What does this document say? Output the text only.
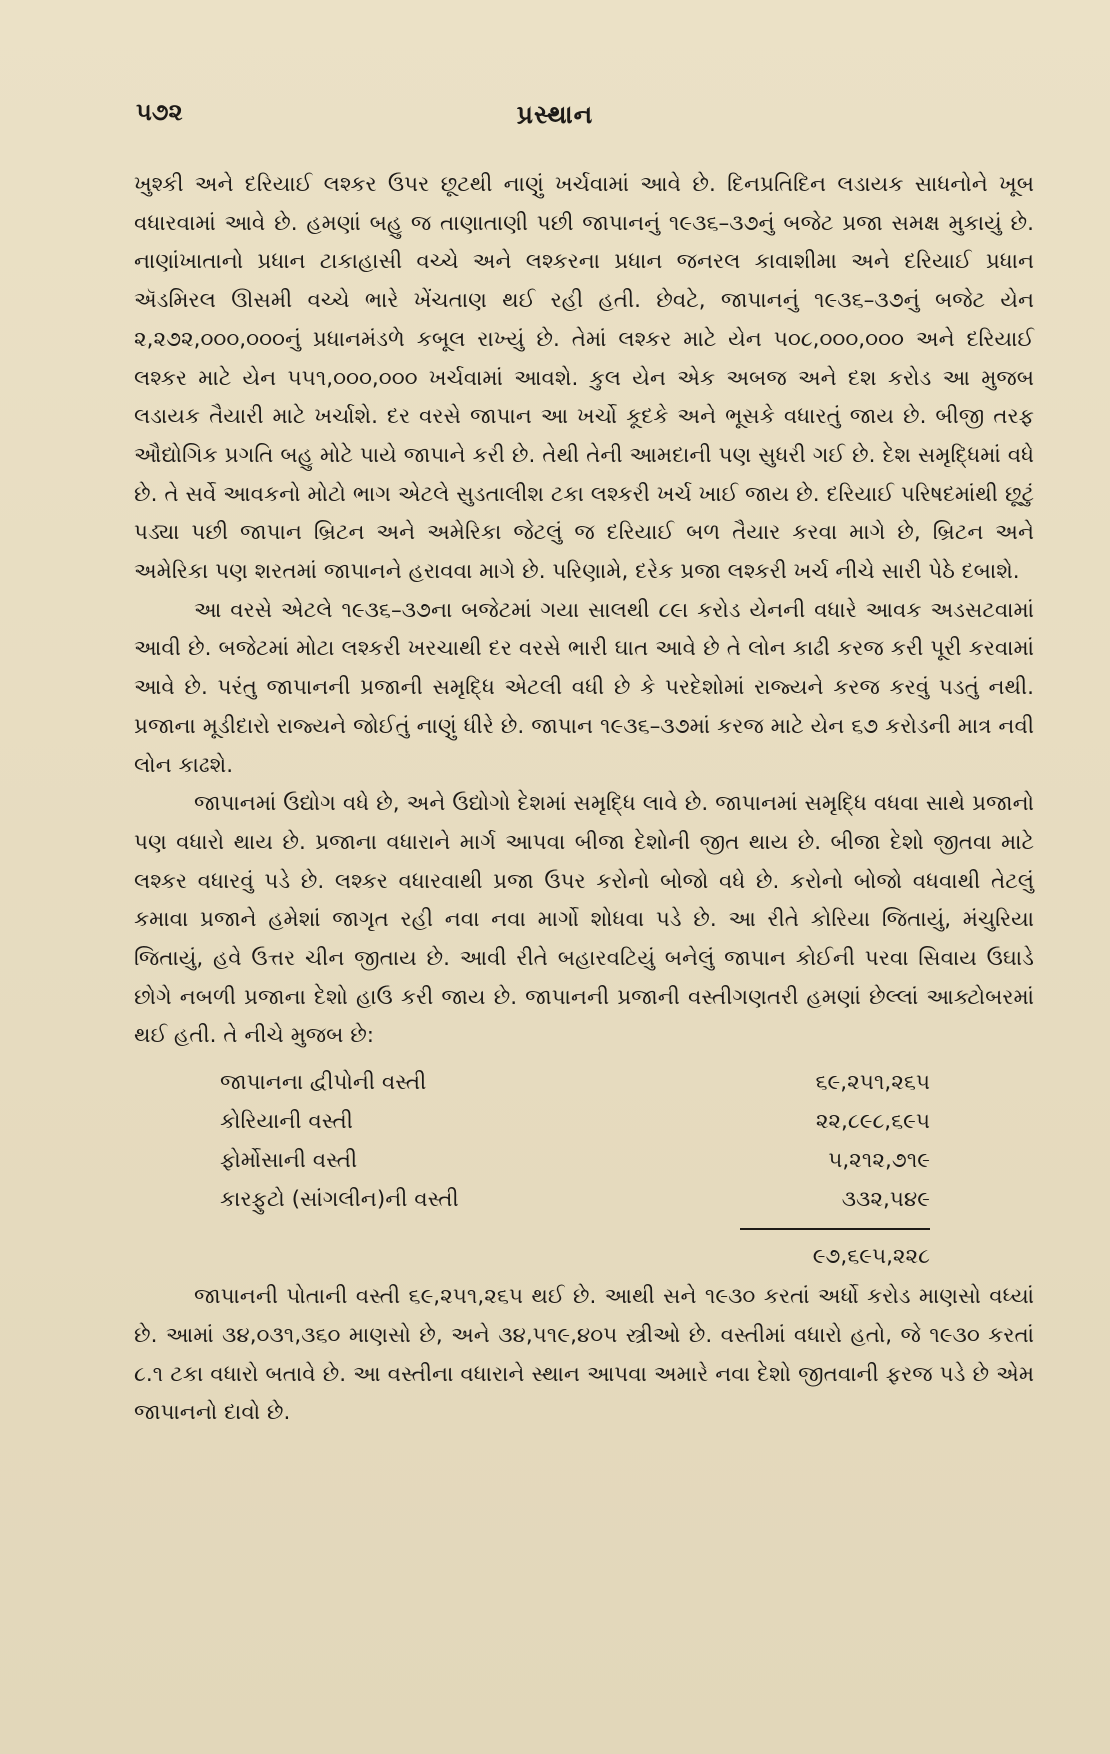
૫૭૨	પ્રસ્થાન

ખુશ્કી અને દરિયાઈ લશ્કર ઉપર છૂટથી નાણું ખર્ચવામાં આવે છે. દિનપ્રતિદિન લડાયક સાધનોને ખૂબ વધારવામાં આવે છે. હમણાં બહુ જ તાણાતાણી પછી જાપાનનું ૧૯૩૬–૩૭નું બજેટ પ્રજા સમક્ષ મુકાયું છે. નાણાંખાતાનો પ્રધાન ટાકાહાસી વચ્ચે અને લશ્કરના પ્રધાન જનરલ કાવાશીમા અને દરિયાઈ પ્રધાન ઍડમિરલ ઊસમી વચ્ચે ભારે ખેંચતાણ થઈ રહી હતી. છેવટે, જાપાનનું ૧૯૩૬–૩૭નું બજેટ યેન ૨,૨૭૨,૦૦૦,૦૦૦નું પ્રધાનમંડળે કબૂલ રાખ્યું છે. તેમાં લશ્કર માટે યેન ૫૦૮,૦૦૦,૦૦૦ અને દરિયાઈ લશ્કર માટે યેન ૫૫૧,૦૦૦,૦૦૦ ખર્ચવામાં આવશે. કુલ યેન એક અબજ અને દશ કરોડ આ મુજબ લડાયક તૈયારી માટે ખર્ચાશે. દર વરસે જાપાન આ ખર્ચો કૂદકે અને ભૂસકે વધારતું જાય છે. બીજી તરફ ઔદ્યોગિક પ્રગતિ બહુ મોટે પાયે જાપાને કરી છે. તેથી તેની આમદાની પણ સુધરી ગઈ છે. દેશ સમૃદ્ધિમાં વધે છે. તે સર્વે આવકનો મોટો ભાગ એટલે સુડતાલીશ ટકા લશ્કરી ખર્ચ ખાઈ જાય છે. દરિયાઈ પરિષદમાંથી છૂટું પડ્યા પછી જાપાન બ્રિટન અને અમેરિકા જેટલું જ દરિયાઈ બળ તૈયાર કરવા માગે છે, બ્રિટન અને અમેરિકા પણ શરતમાં જાપાનને હરાવવા માગે છે. પરિણામે, દરેક પ્રજા લશ્કરી ખર્ચ નીચે સારી પેઠે દબાશે.

આ વરસે એટલે ૧૯૩૬–૩૭ના બજેટમાં ગયા સાલથી ૮૯ા કરોડ યેનની વધારે આવક અડસટવામાં આવી છે. બજેટમાં મોટા લશ્કરી ખરચાથી દર વરસે ભારી ઘાત આવે છે તે લોન કાઢી કરજ કરી પૂરી કરવામાં આવે છે. પરંતુ જાપાનની પ્રજાની સમૃદ્ધિ એટલી વધી છે કે પરદેશોમાં રાજ્યને કરજ કરવું પડતું નથી. પ્રજાના મૂડીદારો રાજ્યને જોઈતું નાણું ધીરે છે. જાપાન ૧૯૩૬–૩૭માં કરજ માટે યેન ૬૭ કરોડની માત્ર નવી લોન કાઢશે.

જાપાનમાં ઉદ્યોગ વધે છે, અને ઉદ્યોગો દેશમાં સમૃદ્ધિ લાવે છે. જાપાનમાં સમૃદ્ધિ વધવા સાથે પ્રજાનો પણ વધારો થાય છે. પ્રજાના વધારાને માર્ગ આપવા બીજા દેશોની જીત થાય છે. બીજા દેશો જીતવા માટે લશ્કર વધારવું પડે છે. લશ્કર વધારવાથી પ્રજા ઉપર કરોનો બોજો વધે છે. કરોનો બોજો વધવાથી તેટલું કમાવા પ્રજાને હમેશાં જાગૃત રહી નવા નવા માર્ગો શોધવા પડે છે. આ રીતે કોરિયા જિતાયું, મંચુરિયા જિતાયું, હવે ઉત્તર ચીન જીતાય છે. આવી રીતે બહારવટિયું બનેલું જાપાન કોઈની પરવા સિવાય ઉઘાડે છોગે નબળી પ્રજાના દેશો હાઉ કરી જાય છે. જાપાનની પ્રજાની વસ્તીગણતરી હમણાં છેલ્લાં આક્ટોબરમાં થઈ હતી. તે નીચે મુજબ છે:

જાપાનના દ્વીપોની વસ્તી	૬૯,૨૫૧,૨૬૫
કોરિયાની વસ્તી	૨૨,૮૯૮,૬૯૫
ફોર્મોસાની વસ્તી	૫,૨૧૨,૭૧૯
કારફુટો (સાંગલીન)ની વસ્તી	૩૩૨,૫૪૯
૯૭,૬૯૫,૨૨૮

જાપાનની પોતાની વસ્તી ૬૯,૨૫૧,૨૬૫ થઈ છે. આથી સને ૧૯૩૦ કરતાં અર્ધો કરોડ માણસો વધ્યાં છે. આમાં ૩૪,૦૩૧,૩૬૦ માણસો છે, અને ૩૪,૫૧૯,૪૦૫ સ્ત્રીઓ છે. વસ્તીમાં વધારો હતો, જે ૧૯૩૦ કરતાં ૮.૧ ટકા વધારો બતાવે છે. આ વસ્તીના વધારાને સ્થાન આપવા અમારે નવા દેશો જીતવાની ફરજ પડે છે એમ જાપાનનો દાવો છે.
